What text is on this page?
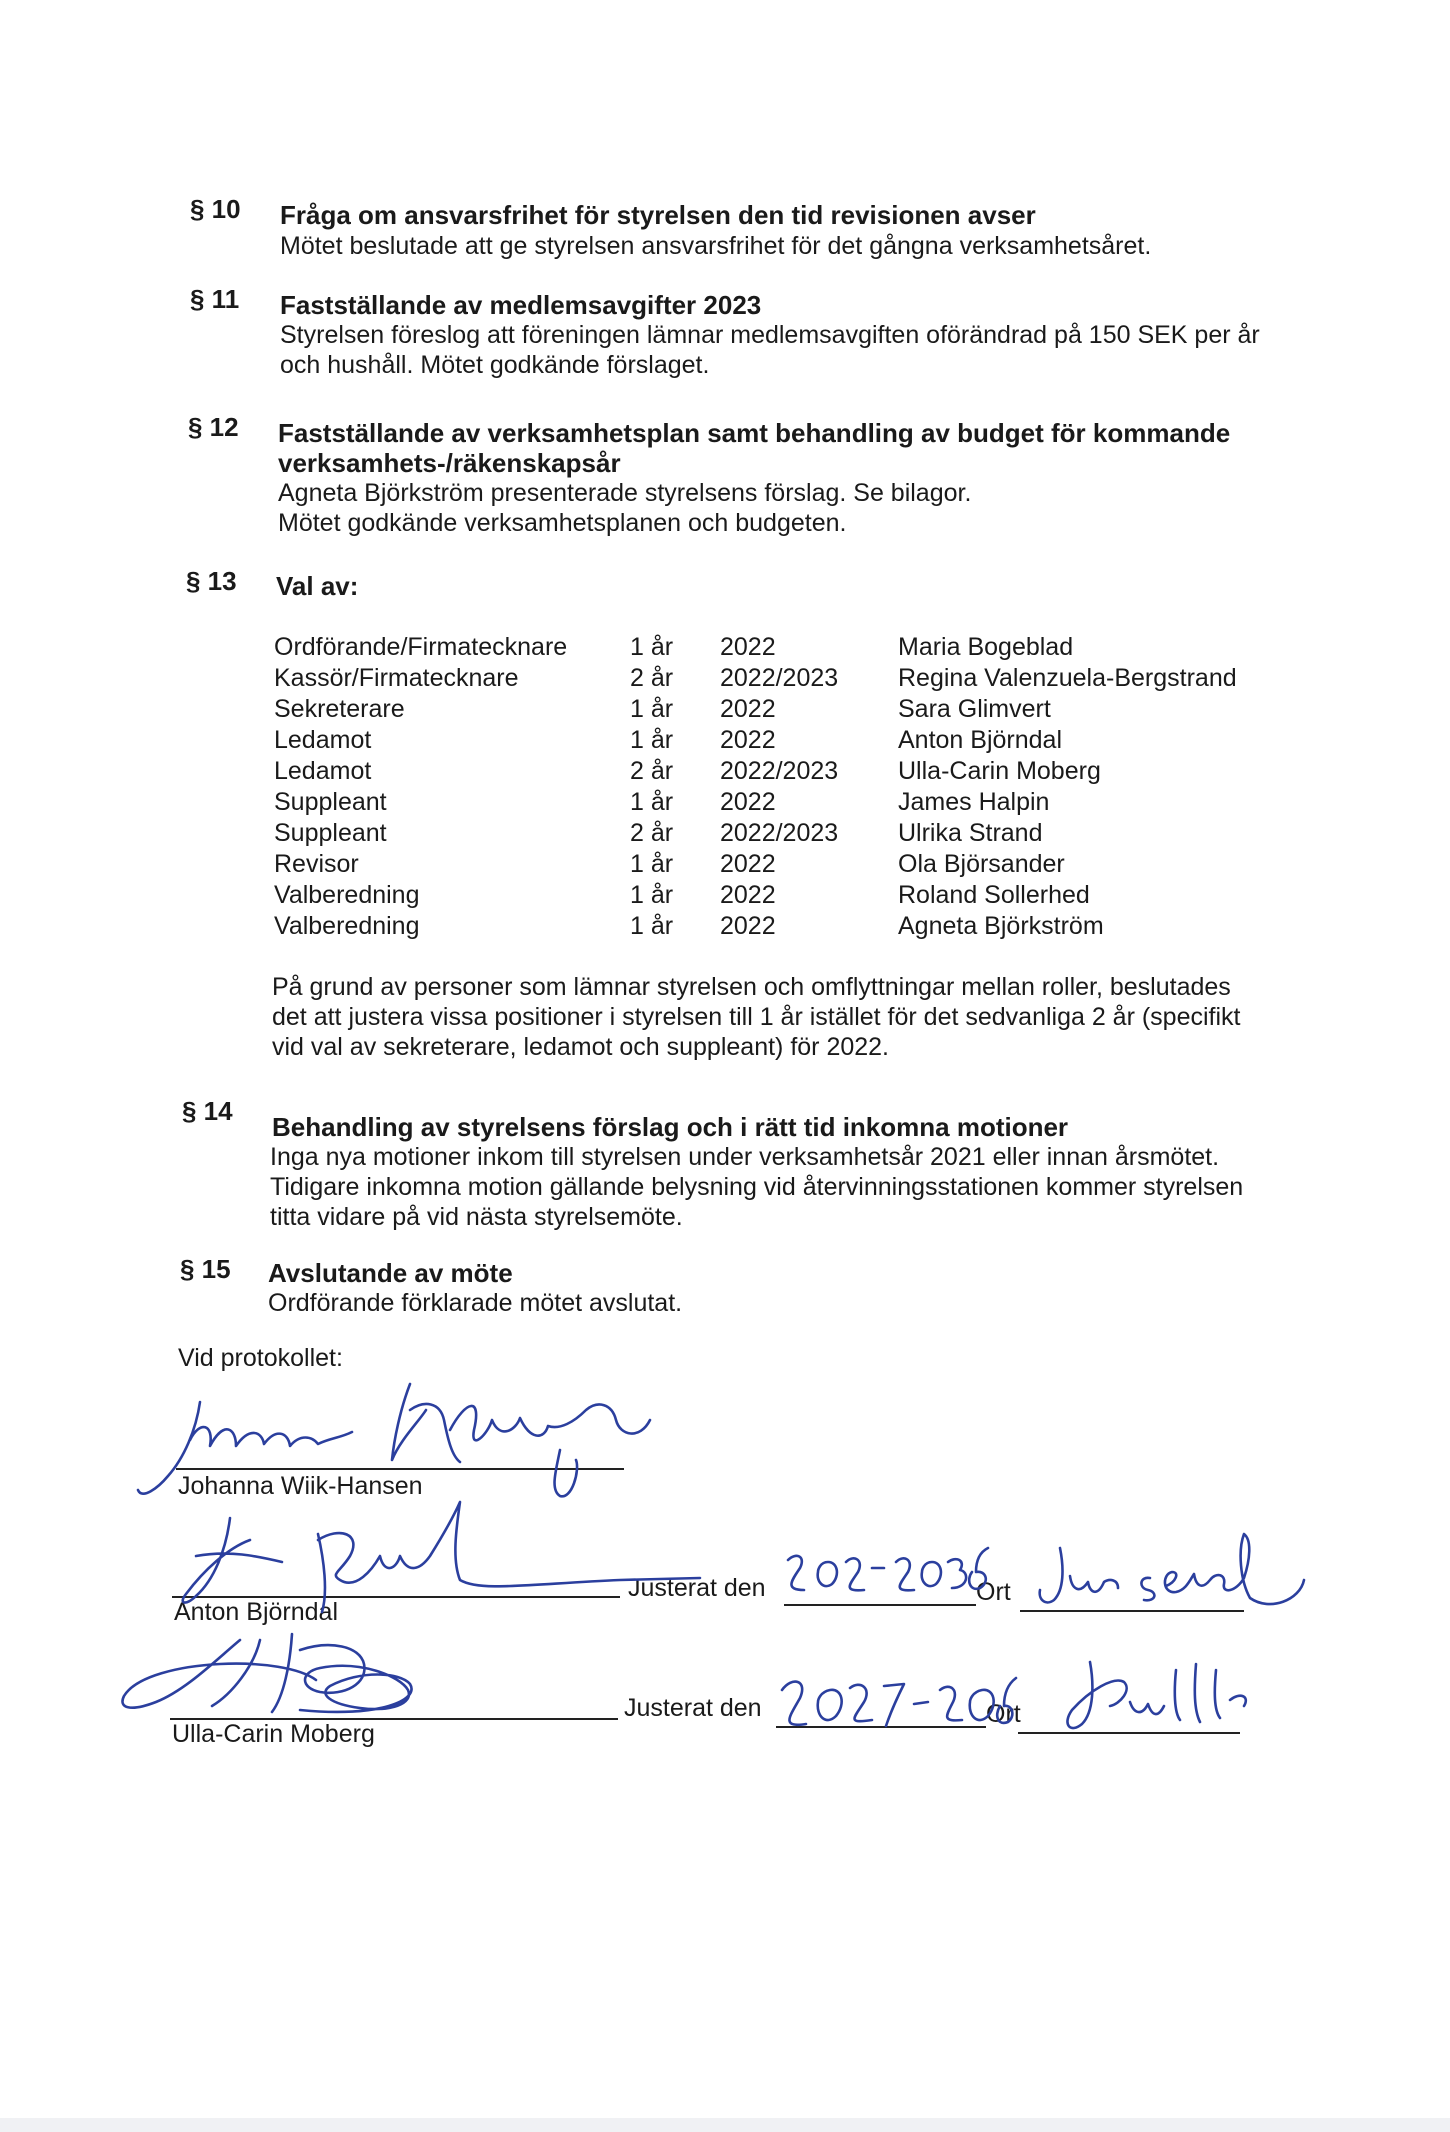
§ 10 Fråga om ansvarsfrihet för styrelsen den tid revisionen avser
Mötet beslutade att ge styrelsen ansvarsfrihet för det gångna verksamhetsåret.
§ 11 Fastställande av medlemsavgifter 2023
Styrelsen föreslog att föreningen lämnar medlemsavgiften oförändrad på 150 SEK per år
och hushåll. Mötet godkände förslaget.
§ 12 Fastställande av verksamhetsplan samt behandling av budget för kommande
verksamhets-/räkenskapsår
Agneta Björkström presenterade styrelsens förslag. Se bilagor.
Mötet godkände verksamhetsplanen och budgeten.
§ 13 Val av:
Ordförande/Firmatecknare	1 år 2022	Maria Bogeblad
Kassör/Firmatecknare	2 år 2022/2023 Regina Valenzuela-Bergstrand
Sekreterare	1 år 2022	Sara Glimvert
Ledamot	1 år 2022	Anton Björndal
Ledamot	2 år 2022/2023 Ulla-Carin Moberg
Suppleant	1 år 2022	James Halpin
Suppleant	2 år 2022/2023 Ulrika Strand
Revisor	1 år 2022	Ola Björsander
Valberedning	1 år 2022	Roland Sollerhed
Valberedning	1 år 2022	Agneta Björkström
På grund av personer som lämnar styrelsen och omflyttningar mellan roller, beslutades
det att justera vissa positioner i styrelsen till 1 år istället för det sedvanliga 2 år (specifikt
vid val av sekreterare, ledamot och suppleant) för 2022.
§ 14
Behandling av styrelsens förslag och i rätt tid inkomna motioner
Inga nya motioner inkom till styrelsen under verksamhetsår 2021 eller innan årsmötet.
Tidigare inkomna motion gällande belysning vid återvinningsstationen kommer styrelsen
titta vidare på vid nästa styrelsemöte.
§ 15 Avslutande av möte
Ordförande förklarade mötet avslutat.
Vid protokollet:
Johanna Wiik-Hansen
Anton Björndal
Justerat den	Ort
Ulla-Carin Moberg
Justerat den	Ort
